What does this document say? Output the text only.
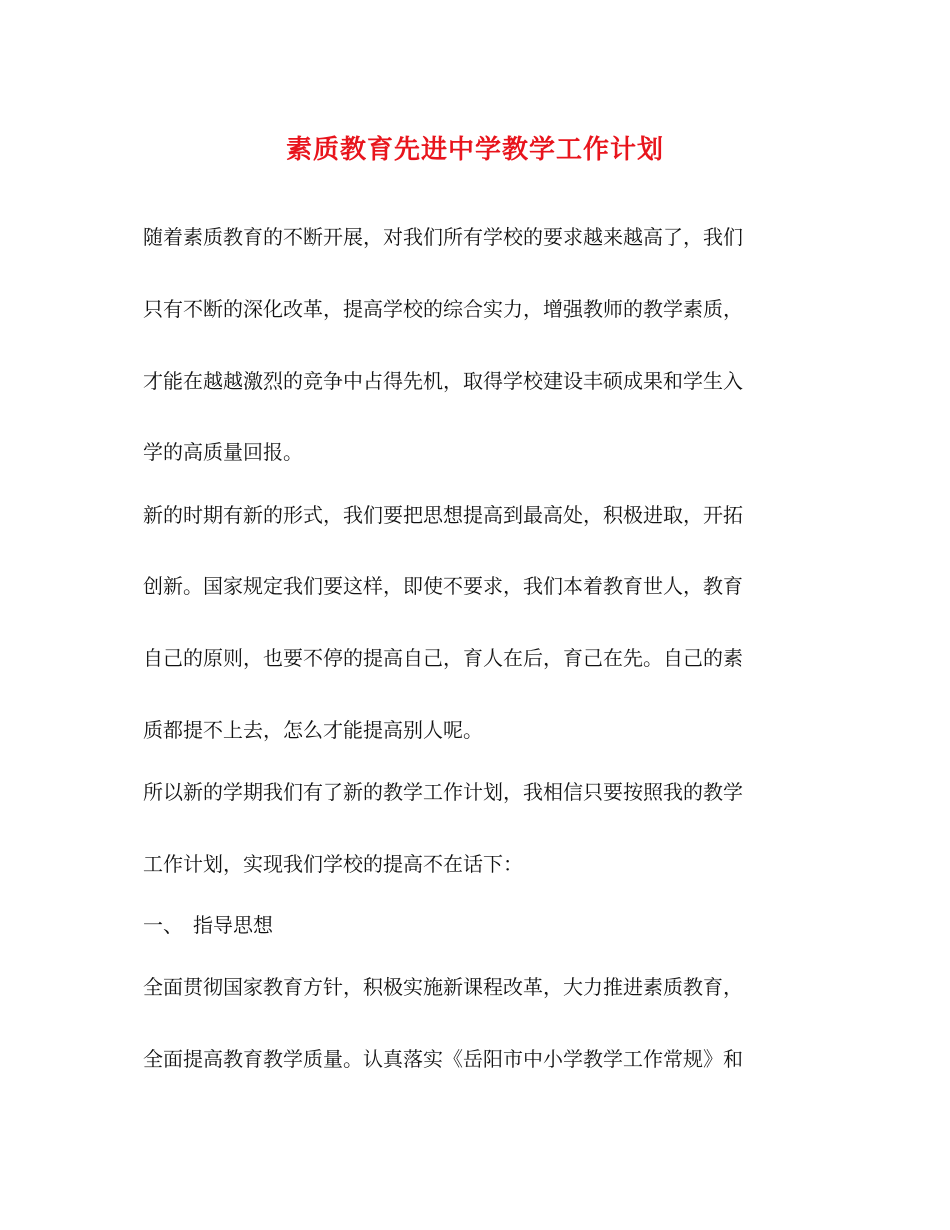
素质教育先进中学教学工作计划
随着素质教育的不断开展，对我们所有学校的要求越来越高了，我们
只有不断的深化改革，提高学校的综合实力，增强教师的教学素质，
才能在越越激烈的竞争中占得先机，取得学校建设丰硕成果和学生入
学的高质量回报。
新的时期有新的形式，我们要把思想提高到最高处，积极进取，开拓
创新。国家规定我们要这样，即使不要求，我们本着教育世人，教育
自己的原则，也要不停的提高自己，育人在后，育己在先。自己的素
质都提不上去，怎么才能提高别人呢。
所以新的学期我们有了新的教学工作计划，我相信只要按照我的教学
工作计划，实现我们学校的提高不在话下：
一、　指导思想
全面贯彻国家教育方针，积极实施新课程改革，大力推进素质教育，
全面提高教育教学质量。认真落实《岳阳市中小学教学工作常规》和
